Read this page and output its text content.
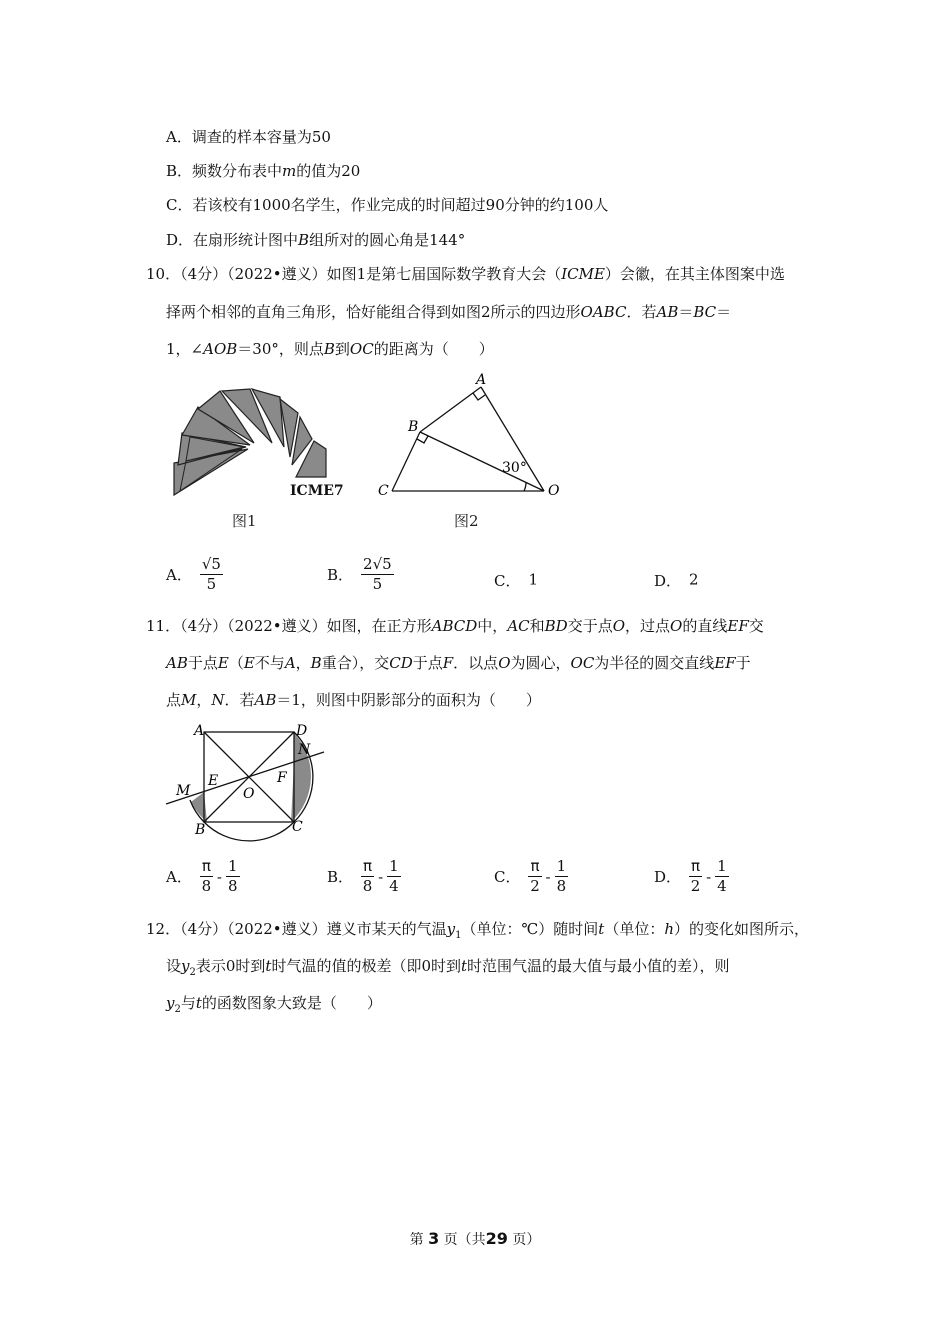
A．调查的样本容量为50
B．频数分布表中m的值为20
C．若该校有1000名学生，作业完成的时间超过90分钟的约100人
D．在扇形统计图中B组所对的圆心角是144°
10．（4分）（2022•遵义）如图1是第七届国际数学教育大会（ICME）会徽，在其主体图案中选
择两个相邻的直角三角形，恰好能组合得到如图2所示的四边形OABC．若AB＝BC＝
1，∠AOB＝30°，则点B到OC的距离为（　　）
ICME7
图1
A
B
C	O
30°
图2
A． $\frac{√5}{5}$	B． $\frac{2√5}{5}$	C． 1	D． 2
11．（4分）（2022•遵义）如图，在正方形ABCD中，AC和BD交于点O，过点O的直线EF交
AB于点E（E不与A，B重合），交CD于点F．以点O为圆心，OC为半径的圆交直线EF于
点M，N．若AB＝1，则图中阴影部分的面积为（　　）
A	D
N
E	F
M	O
B	C
A． $\frac{\pi}{8} - \frac{1}{8}$	B． $\frac{\pi}{8} - \frac{1}{4}$	C． $\frac{\pi}{2} - \frac{1}{8}$	D． $\frac{\pi}{2} - \frac{1}{4}$
12．（4分）（2022•遵义）遵义市某天的气温$y_1$（单位：℃）随时间t（单位：h）的变化如图所示，
设$y_2$表示0时到t时气温的值的极差（即0时到t时范围气温的最大值与最小值的差），则
$y_2$与t的函数图象大致是（　　）
第 3 页（共29 页）
